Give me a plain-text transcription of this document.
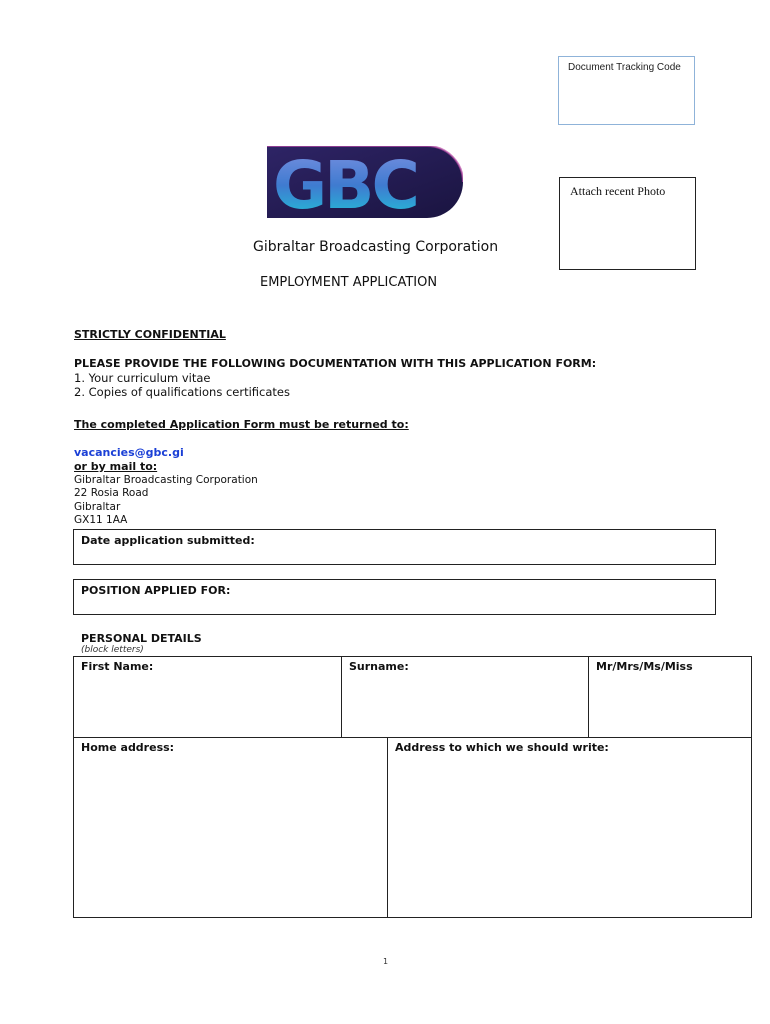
Document Tracking Code
GBC	Attach recent Photo
Gibraltar Broadcasting Corporation
EMPLOYMENT APPLICATION
STRICTLY CONFIDENTIAL
PLEASE PROVIDE THE FOLLOWING DOCUMENTATION WITH THIS APPLICATION FORM:
1. Your curriculum vitae
2. Copies of qualifications certificates
The completed Application Form must be returned to:
vacancies@gbc.gi
or by mail to:
Gibraltar Broadcasting Corporation
22 Rosia Road
Gibraltar
GX11 1AA
Date application submitted:
POSITION APPLIED FOR:
PERSONAL DETAILS
(block letters)
First Name:	Surname:	Mr/Mrs/Ms/Miss
Home address:	Address to which we should write:
1
